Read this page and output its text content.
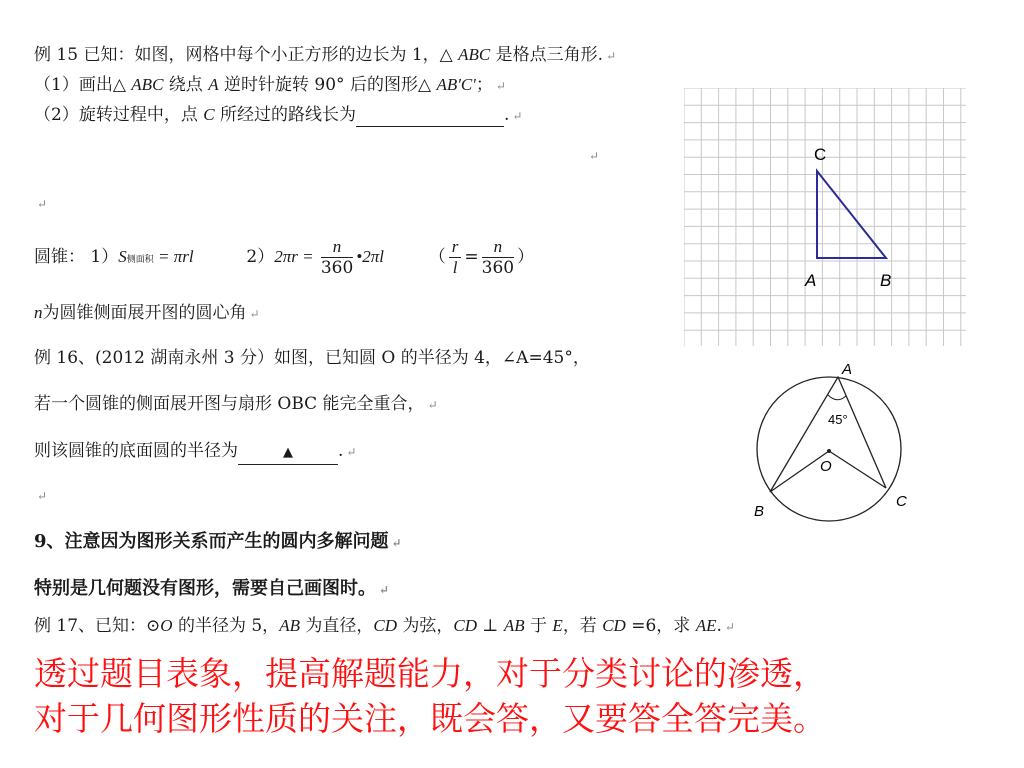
例 15 已知：如图，网格中每个小正方形的边长为 1，△ ABC 是格点三角形. ↵
（1）画出△ ABC 绕点 A 逆时针旋转 90° 后的图形△ AB'C'； ↵
（2）旋转过程中，点 C 所经过的路线长为	. ↵
↵
↵
圆锥： 1）S侧面积 = πrl	$2)2\pi r = \frac{n}{360}$ •2πl	（ $\frac{r}{l} = \frac{n}{360}$ ）
n为圆锥侧面展开图的圆心角 ↵
例 16、(2012 湖南永州 3 分）如图，已知圆 O 的半径为 4，∠A=45°，
若一个圆锥的侧面展开图与扇形 OBC 能完全重合， ↵
则该圆锥的底面圆的半径为	▲	. ↵
↵
9、注意因为图形关系而产生的圆内多解问题 ↵
特别是几何题没有图形，需要自己画图时。 ↵
例 17、已知：⊙O 的半径为 5，AB 为直径，CD 为弦，CD ⊥ AB 于 E，若 CD =6，求 AE. ↵
透过题目表象，提高解题能力，对于分类讨论的渗透，
对于几何图形性质的关注，既会答，又要答全答完美。
C
A	B
A
B
C
O
45°
